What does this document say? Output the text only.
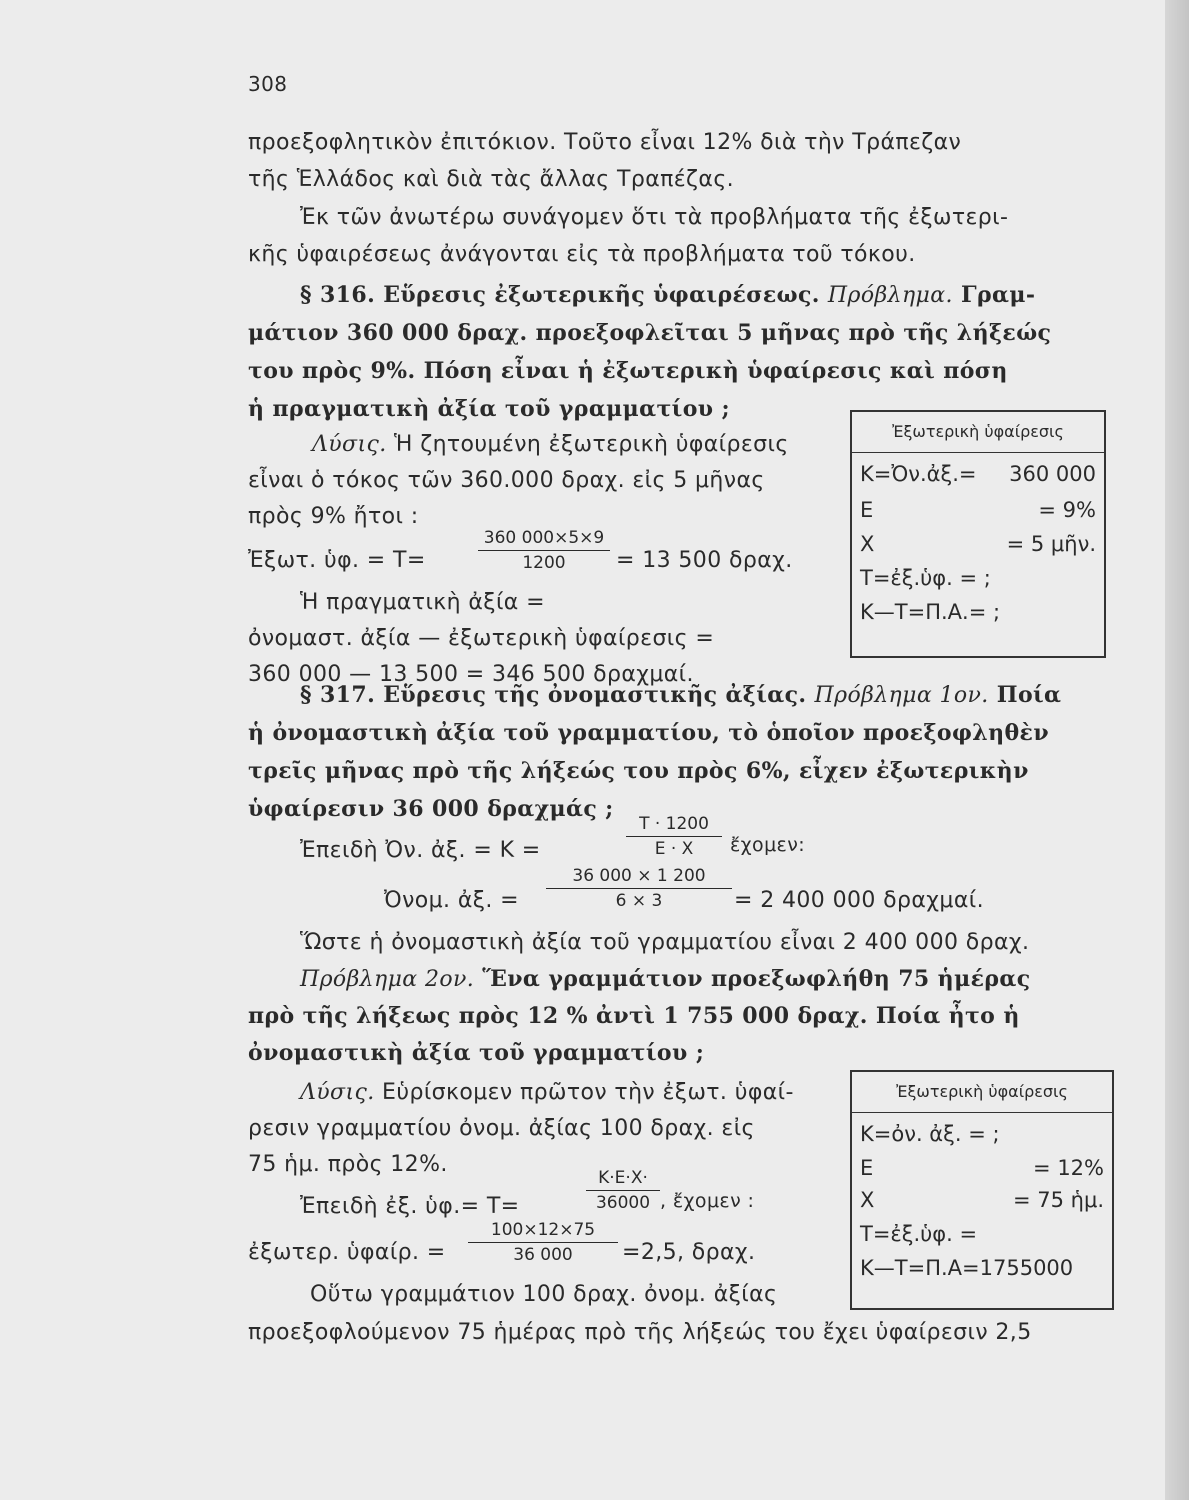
308
προεξοφλητικὸν ἐπιτόκιον. Τοῦτο εἶναι 12% διὰ τὴν Τράπεζαν
τῆς Ἑλλάδος καὶ διὰ τὰς ἄλλας Τραπέζας.
Ἐκ τῶν ἀνωτέρω συνάγομεν ὅτι τὰ προβλήματα τῆς ἐξωτερι-
κῆς ὑφαιρέσεως ἀνάγονται εἰς τὰ προβλήματα τοῦ τόκου.
§ 316. Εὕρεσις ἐξωτερικῆς ὑφαιρέσεως. Πρόβλημα. Γραμ-
μάτιον 360 000 δραχ. προεξοφλεῖται 5 μῆνας πρὸ τῆς λήξεώς
του πρὸς 9%. Πόση εἶναι ἡ ἐξωτερικὴ ὑφαίρεσις καὶ πόση
ἡ πραγματικὴ ἀξία τοῦ γραμματίου ;
Λύσις. Ἡ ζητουμένη ἐξωτερικὴ ὑφαίρεσις
εἶναι ὁ τόκος τῶν 360.000 δραχ. εἰς 5 μῆνας
πρὸς 9% ἤτοι :
Ἐξωτ. ὑφ. = Τ=	$\frac{360 000\times 5\times 9}{1200} = 13$ 500 δραχ.
Ἡ πραγματικὴ ἀξία =
ὀνομαστ. ἀξία — ἐξωτερικὴ ὑφαίρεσις =
360 000 — 13 500 = 346 500 δραχμαί.
Ἐξωτερικὴ ὑφαίρεσις
Κ=Ὀν.ἀξ.= 360 000
Ε	= 9%
Χ	= 5 μῆν.
Τ=ἐξ.ὑφ. = ;
Κ—Τ=Π.Α.= ;
§ 317. Εὕρεσις τῆς ὀνομαστικῆς ἀξίας. Πρόβλημα 1ον. Ποία
ἡ ὀνομαστικὴ ἀξία τοῦ γραμματίου, τὸ ὁποῖον προεξοφληθὲν
τρεῖς μῆνας πρὸ τῆς λήξεώς του πρὸς 6%, εἶχεν ἐξωτερικὴν
ὑφαίρεσιν 36 000 δραχμάς ;
Ἐπειδὴ Ὀν. ἀξ. = Κ =	$\frac{T \cdot 1200}{E \cdot X}$ ἔχομεν:
Ὀνομ. ἀξ. = $\frac{36 000 \times 1 200}{6 \times 3} = 2$ 400 000 δραχμαί.
Ὥστε ἡ ὀνομαστικὴ ἀξία τοῦ γραμματίου εἶναι 2 400 000 δραχ.
Πρόβλημα 2ον. Ἕνα γραμμάτιον προεξωφλήθη 75 ἡμέρας
πρὸ τῆς λήξεως πρὸς 12 % ἀντὶ 1 755 000 δραχ. Ποία ἦτο ἡ
ὀνομαστικὴ ἀξία τοῦ γραμματίου ;
Λύσις. Εὑρίσκομεν πρῶτον τὴν ἐξωτ. ὑφαί-
ρεσιν γραμματίου ὀνομ. ἀξίας 100 δραχ. εἰς
75 ἡμ. πρὸς 12%.
Ἐπειδὴ ἐξ. ὑφ.= Τ=	$\frac{K\cdot E\cdot X\cdot}{36000}$ , ἔχομεν :
ἐξωτερ. ὑφαίρ. = $\frac{100\times 12\times 75}{36 000} =2,5$, δραχ.
Οὕτω γραμμάτιον 100 δραχ. ὀνομ. ἀξίας
προεξοφλούμενον 75 ἡμέρας πρὸ τῆς λήξεώς του ἔχει ὑφαίρεσιν 2,5
Ἐξωτερικὴ ὑφαίρεσις
Κ=ὀν. ἀξ. = ;
Ε	= 12%
Χ	= 75 ἡμ.
Τ=ἐξ.ὑφ. =
Κ—Τ=Π.Α=1755000
